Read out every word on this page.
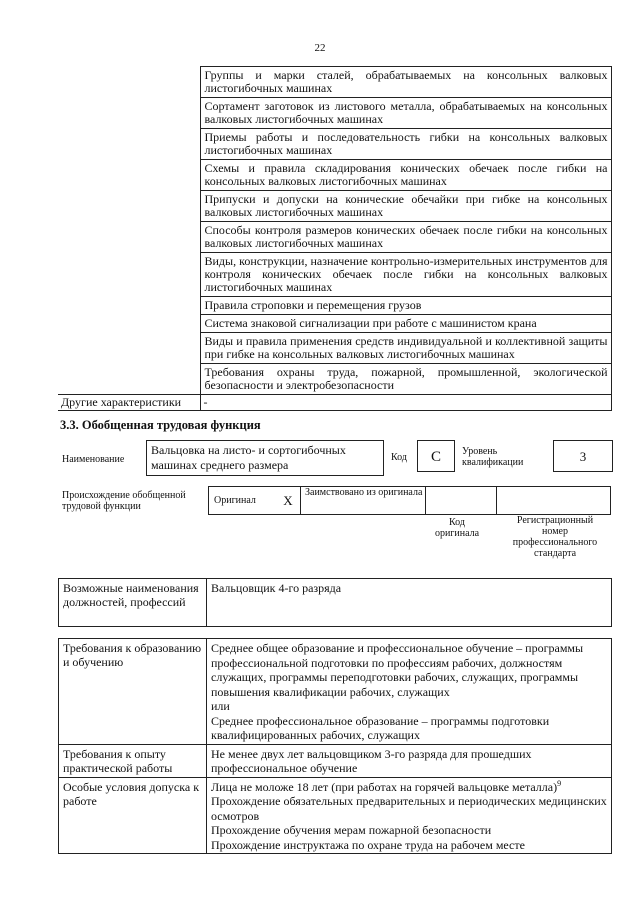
22
	Группы и марки сталей, обрабатываемых на консольных валковых листогибочных машинах
	Сортамент заготовок из листового металла, обрабатываемых на консольных валковых листогибочных машинах
	Приемы работы и последовательность гибки на консольных валковых листогибочных машинах
	Схемы и правила складирования конических обечаек после гибки на консольных валковых листогибочных машинах
	Припуски и допуски на конические обечайки при гибке на консольных валковых листогибочных машинах
	Способы контроля размеров конических обечаек после гибки на консольных валковых листогибочных машинах
	Виды, конструкции, назначение контрольно-измерительных инструментов для контроля конических обечаек после гибки на консольных валковых листогибочных машинах
	Правила строповки и перемещения грузов
	Система знаковой сигнализации при работе с машинистом крана
	Виды и правила применения средств индивидуальной и коллективной защиты при гибке на консольных валковых листогибочных машинах
	Требования охраны труда, пожарной, промышленной, экологической безопасности и электробезопасности
Другие характеристики	-
3.3. Обобщенная трудовая функция
Наименование
Вальцовка на листо- и сортогибочных машинах среднего размера
Код	C	Уровень квалификации	3
Происхождение обобщенной трудовой функции
Оригинал	X	Заимствовано из оригинала		
Код оригинала
Регистрационный номер профессионального стандарта
Возможные наименования должностей, профессий	Вальцовщик 4-го разряда
Требования к образованию и обучению	Среднее общее образование и профессиональное обучение – программы профессиональной подготовки по профессиям рабочих, должностям служащих, программы переподготовки рабочих, служащих, программы повышения квалификации рабочих, служащих
или
Среднее профессиональное образование – программы подготовки квалифицированных рабочих, служащих

Требования к опыту практической работы	Не менее двух лет вальцовщиком 3-го разряда для прошедших профессиональное обучение
Особые условия допуска к работе	Лица не моложе 18 лет (при работах на горячей вальцовке металла)$^9$
Прохождение обязательных предварительных и периодических медицинских осмотров
Прохождение обучения мерам пожарной безопасности
Прохождение инструктажа по охране труда на рабочем месте
